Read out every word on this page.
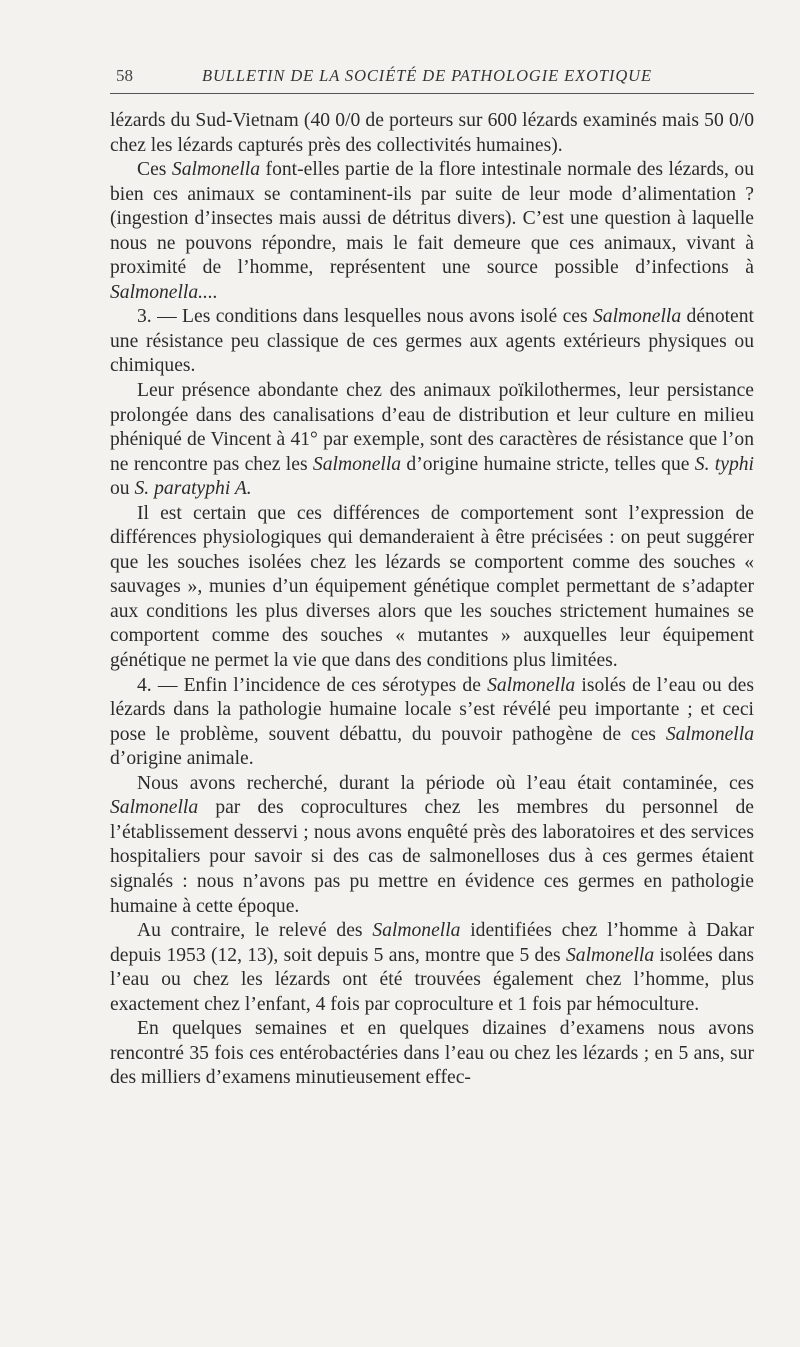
58	BULLETIN DE LA SOCIÉTÉ DE PATHOLOGIE EXOTIQUE

lézards du Sud-Vietnam (40 0/0 de porteurs sur 600 lézards examinés mais 50 0/0 chez les lézards capturés près des collectivités humaines).

Ces Salmonella font-elles partie de la flore intestinale normale des lézards, ou bien ces animaux se contaminent-ils par suite de leur mode d’alimentation ? (ingestion d’insectes mais aussi de détritus divers). C’est une question à laquelle nous ne pouvons répondre, mais le fait demeure que ces animaux, vivant à proximité de l’homme, représentent une source possible d’infections à Salmonella....

3. — Les conditions dans lesquelles nous avons isolé ces Salmonella dénotent une résistance peu classique de ces germes aux agents extérieurs physiques ou chimiques.

Leur présence abondante chez des animaux poïkilothermes, leur persistance prolongée dans des canalisations d’eau de distribution et leur culture en milieu phéniqué de Vincent à 41° par exemple, sont des caractères de résistance que l’on ne rencontre pas chez les Salmonella d’origine humaine stricte, telles que S. typhi ou S. paratyphi A.

Il est certain que ces différences de comportement sont l’expression de différences physiologiques qui demanderaient à être précisées : on peut suggérer que les souches isolées chez les lézards se comportent comme des souches « sauvages », munies d’un équipement génétique complet permettant de s’adapter aux conditions les plus diverses alors que les souches strictement humaines se comportent comme des souches « mutantes » auxquelles leur équipement génétique ne permet la vie que dans des conditions plus limitées.

4. — Enfin l’incidence de ces sérotypes de Salmonella isolés de l’eau ou des lézards dans la pathologie humaine locale s’est révélé peu importante ; et ceci pose le problème, souvent débattu, du pouvoir pathogène de ces Salmonella d’origine animale.

Nous avons recherché, durant la période où l’eau était contaminée, ces Salmonella par des coprocultures chez les membres du personnel de l’établissement desservi ; nous avons enquêté près des laboratoires et des services hospitaliers pour savoir si des cas de salmonelloses dus à ces germes étaient signalés : nous n’avons pas pu mettre en évidence ces germes en pathologie humaine à cette époque.

Au contraire, le relevé des Salmonella identifiées chez l’homme à Dakar depuis 1953 (12, 13), soit depuis 5 ans, montre que 5 des Salmonella isolées dans l’eau ou chez les lézards ont été trouvées également chez l’homme, plus exactement chez l’enfant, 4 fois par coproculture et 1 fois par hémoculture.

En quelques semaines et en quelques dizaines d’examens nous avons rencontré 35 fois ces entérobactéries dans l’eau ou chez les lézards ; en 5 ans, sur des milliers d’examens minutieusement effec-
